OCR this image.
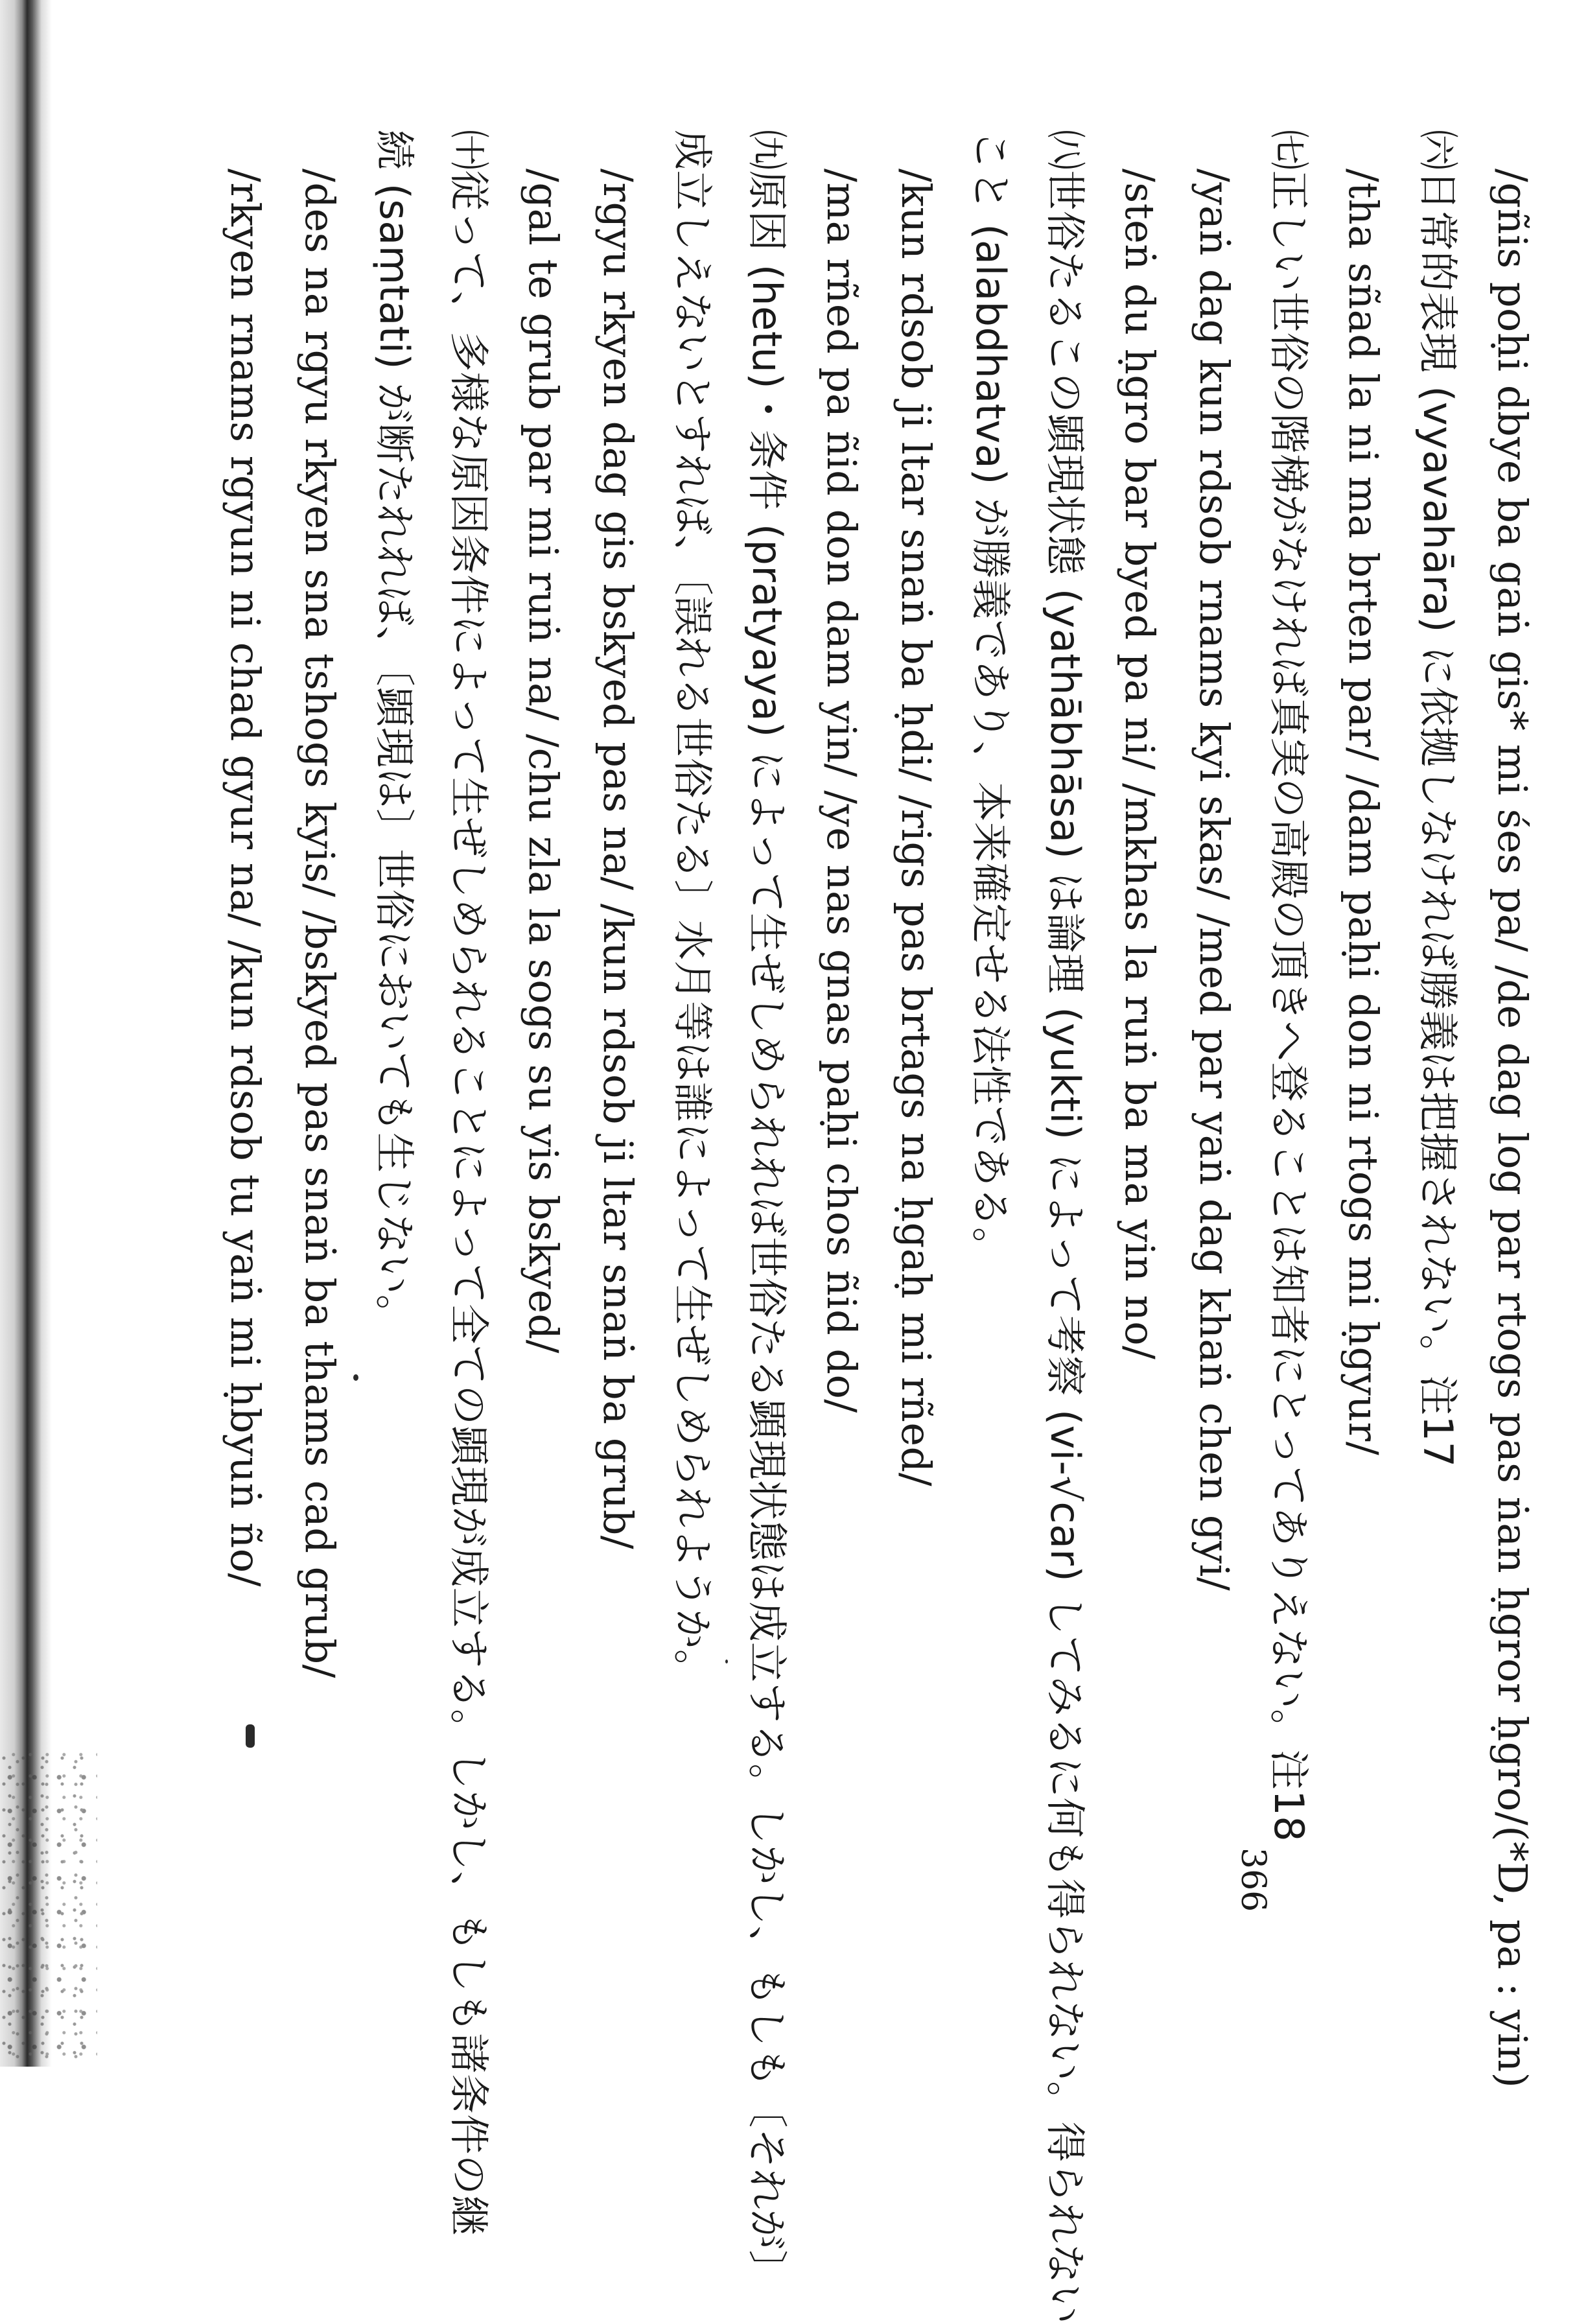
/gñis poḥi dbye ba gaṅ gis* mi śes pa/ /de dag log par rtogs pas ṅan ḥgror ḥgro/(*D, pa : yin)
㈥日常的表現 (vyavahāra) に依拠しなければ勝義は把握されない。注17
/tha sñad la ni ma brten par/ /dam paḥi don ni rtogs mi ḥgyur/
㈦正しい世俗の階梯がなければ真実の高殿の頂きへ登ることは知者にとってありえない。注18
/yaṅ dag kun rdsob rnams kyi skas/ /med par yaṅ dag khaṅ chen gyi/
/steṅ du ḥgro bar byed pa ni/ /mkhas la ruṅ ba ma yin no/
㈧世俗たるこの顕現状態 (yathābhāsa) は論理 (yukti) によって考察 (vi-√car) してみるに何も得られない。得られない
こと (alabdhatva) が勝義であり、本来確定せる法性である。
/kun rdsob ji ltar snaṅ ba ḥdi/ /rigs pas brtags na ḥgaḥ mi rñed/
/ma rñed pa ñid don dam yin/ /ye nas gnas paḥi chos ñid do/
㈨原因 (hetu)・条件 (pratyaya) によって生ぜしめられれば世俗たる顕現状態は成立する。しかし、もしも〔それが〕
成立しえないとすれば、〔誤れる世俗たる〕水月等は誰によって生ぜしめられようか。
/rgyu rkyen dag gis bskyed pas na/ /kun rdsob ji ltar snaṅ ba grub/
/gal te grub par mi ruṅ na/ /chu zla la sogs su yis bskyed/
㈩従って、多様な原因条件によって生ぜしめられることによって全ての顕現が成立する。しかし、もしも諸条件の継
続 (saṃtati) が断たれれば、〔顕現は〕世俗においても生じない。
/des na rgyu rkyen sna tshogs kyis/ /bskyed pas snaṅ ba thams cad grub/
/rkyen rnams rgyun ni chad gyur na/ /kun rdsob tu yaṅ mi ḥbyuṅ ño/
366
